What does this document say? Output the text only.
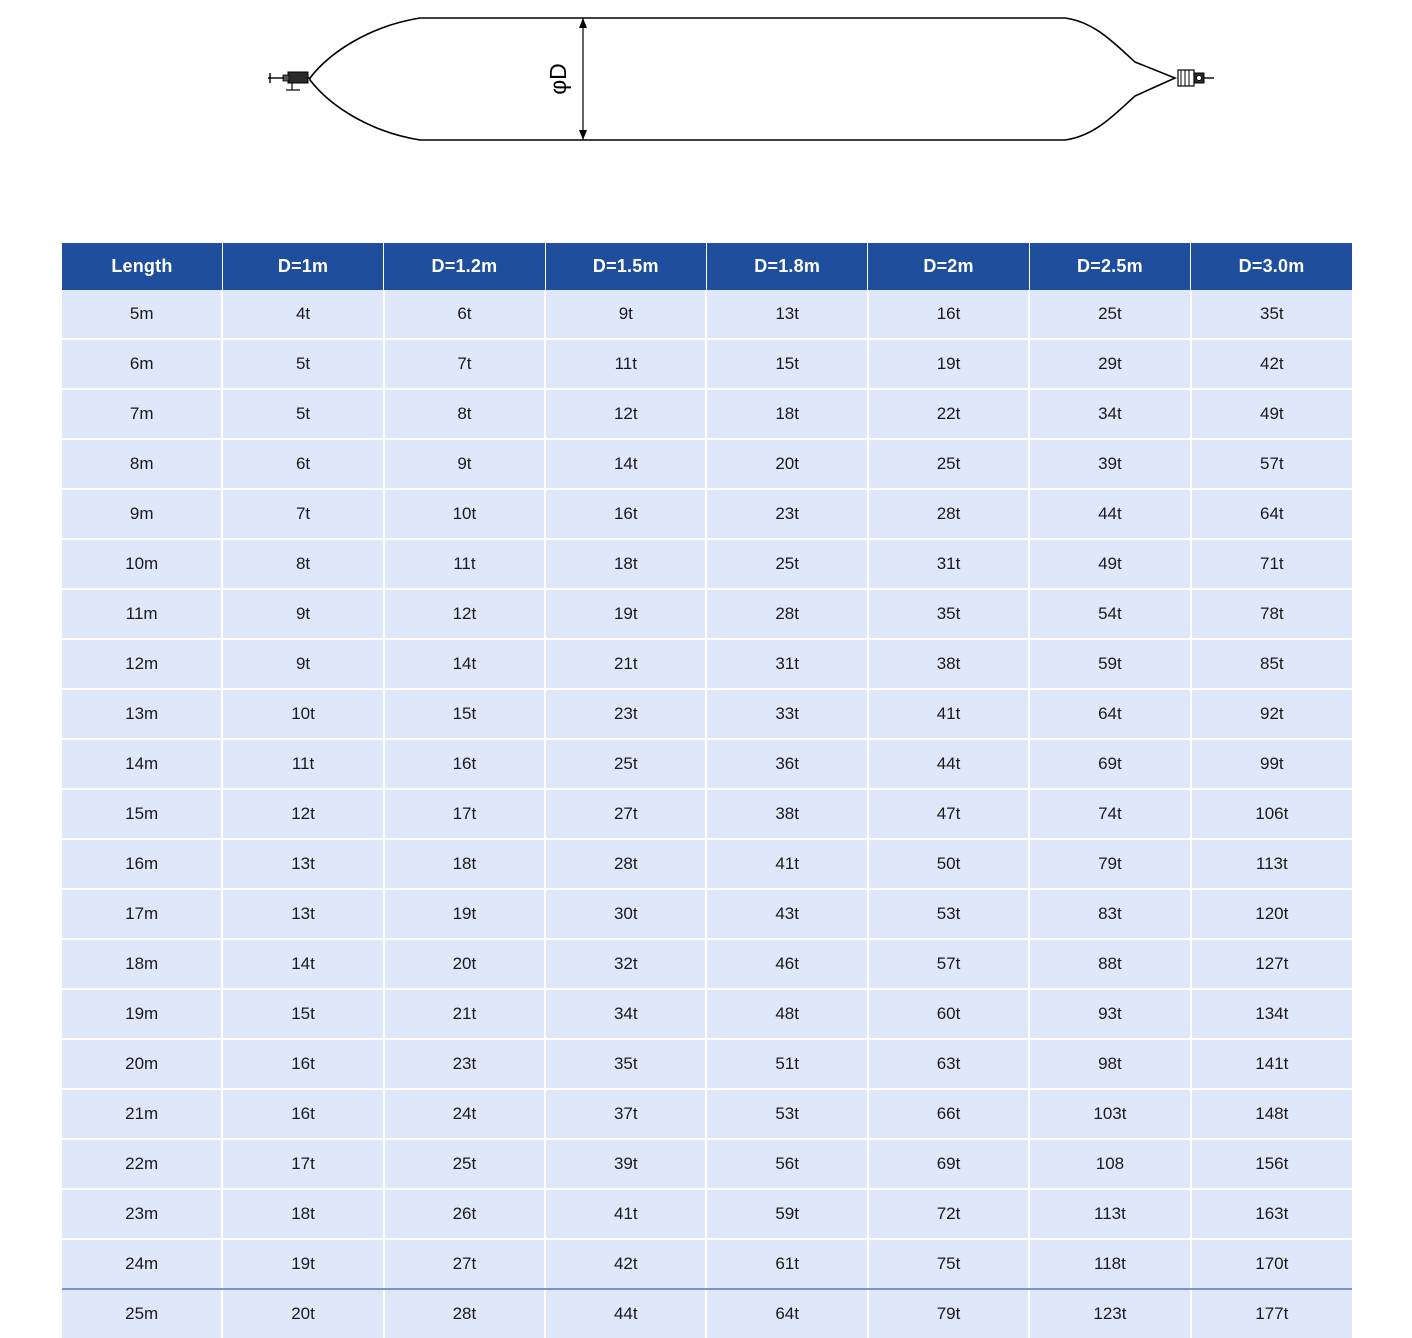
φD
Length	D=1m	D=1.2m	D=1.5m	D=1.8m	D=2m	D=2.5m	D=3.0m
5m	4t	6t	9t	13t	16t	25t	35t
6m	5t	7t	11t	15t	19t	29t	42t
7m	5t	8t	12t	18t	22t	34t	49t
8m	6t	9t	14t	20t	25t	39t	57t
9m	7t	10t	16t	23t	28t	44t	64t
10m	8t	11t	18t	25t	31t	49t	71t
11m	9t	12t	19t	28t	35t	54t	78t
12m	9t	14t	21t	31t	38t	59t	85t
13m	10t	15t	23t	33t	41t	64t	92t
14m	11t	16t	25t	36t	44t	69t	99t
15m	12t	17t	27t	38t	47t	74t	106t
16m	13t	18t	28t	41t	50t	79t	113t
17m	13t	19t	30t	43t	53t	83t	120t
18m	14t	20t	32t	46t	57t	88t	127t
19m	15t	21t	34t	48t	60t	93t	134t
20m	16t	23t	35t	51t	63t	98t	141t
21m	16t	24t	37t	53t	66t	103t	148t
22m	17t	25t	39t	56t	69t	108	156t
23m	18t	26t	41t	59t	72t	113t	163t
24m	19t	27t	42t	61t	75t	118t	170t
25m	20t	28t	44t	64t	79t	123t	177t
